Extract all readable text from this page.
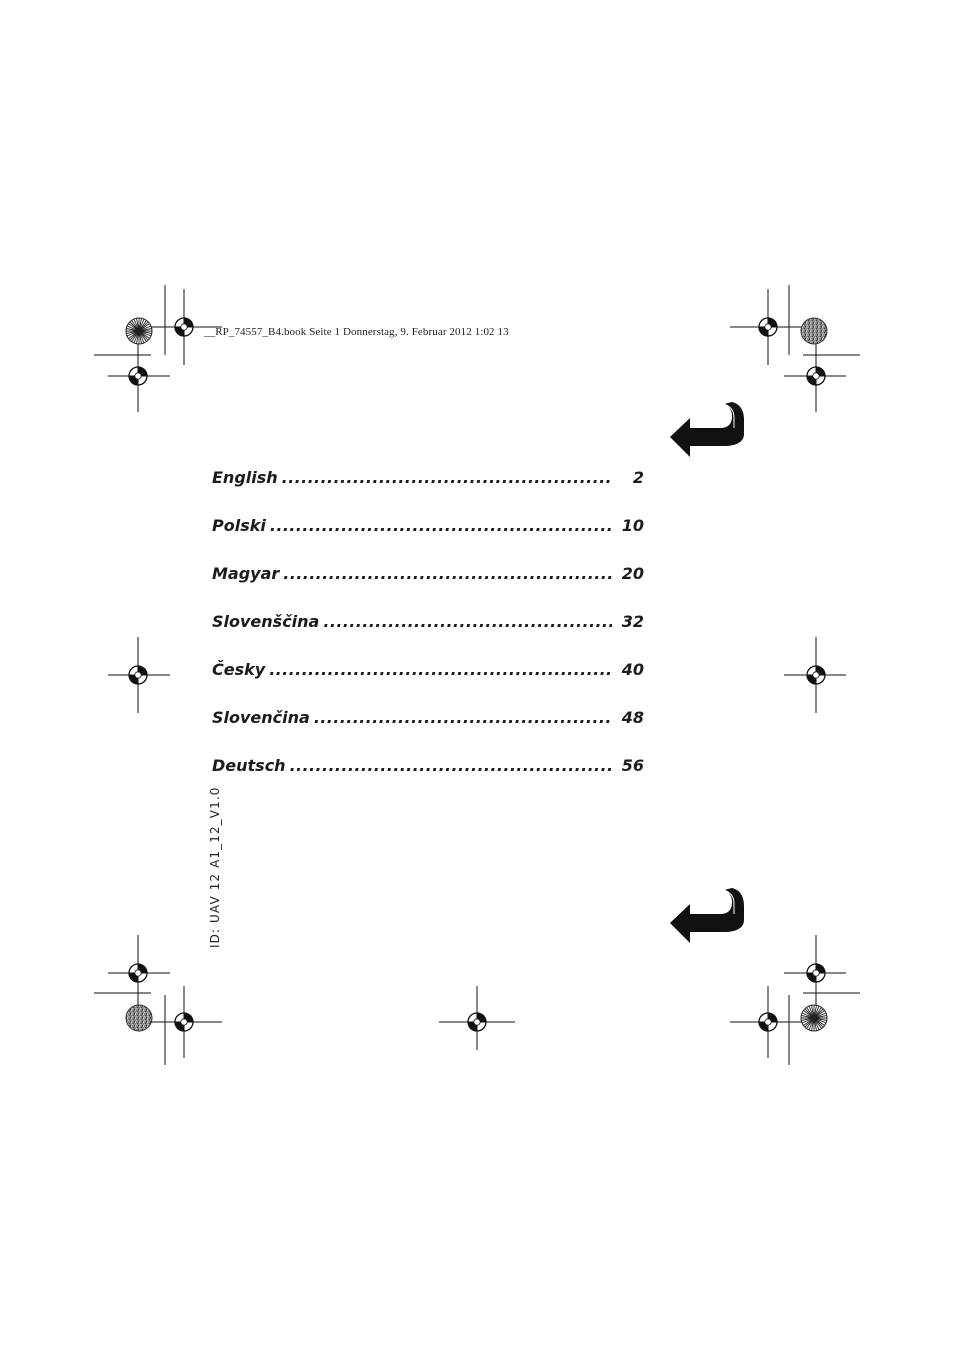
__RP_74557_B4.book Seite 1 Donnerstag, 9. Februar 2012 1:02 13
English .....	2
Polski .....	10
Magyar .....	20
Slovenščina .....	32
Česky .....	40
Slovenčina .....	48
Deutsch .....	56
ID: UAV 12 A1_12_V1.0
